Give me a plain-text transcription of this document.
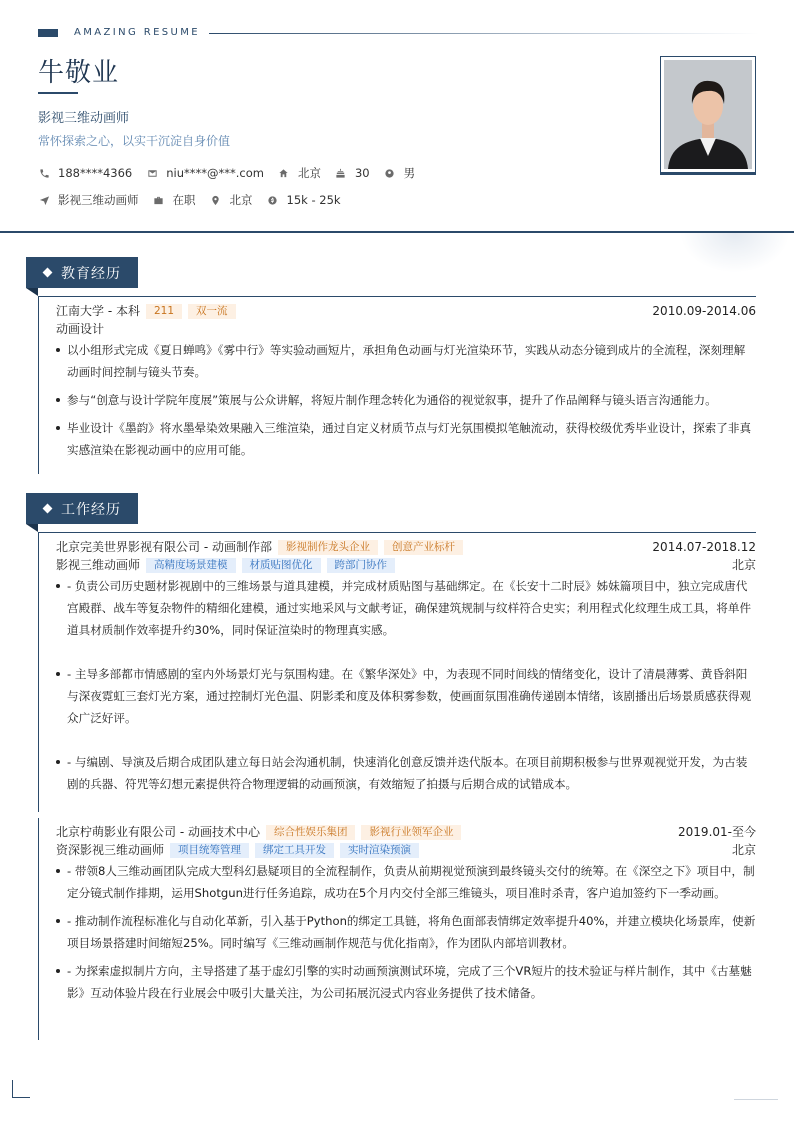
AMAZING RESUME
牛敬业
影视三维动画师
常怀探索之心，以实干沉淀自身价值
188****4366	niu****@***.com	北京	30	男
影视三维动画师	在职	北京	15k - 25k
教育经历
江南大学 - 本科	211	双一流	2010.09-2014.06
动画设计
以小组形式完成《夏日蝉鸣》《雾中行》等实验动画短片，承担角色动画与灯光渲染环节，实践从动态分镜到成片的全流程，深刻理解动画时间控制与镜头节奏。
参与“创意与设计学院年度展”策展与公众讲解，将短片制作理念转化为通俗的视觉叙事，提升了作品阐释与镜头语言沟通能力。
毕业设计《墨韵》将水墨晕染效果融入三维渲染，通过自定义材质节点与灯光氛围模拟笔触流动，获得校级优秀毕业设计，探索了非真实感渲染在影视动画中的应用可能。
工作经历
北京完美世界影视有限公司 - 动画制作部	影视制作龙头企业	创意产业标杆	2014.07-2018.12
影视三维动画师	高精度场景建模	材质贴图优化	跨部门协作	北京
- 负责公司历史题材影视剧中的三维场景与道具建模，并完成材质贴图与基础绑定。在《长安十二时辰》姊妹篇项目中，独立完成唐代宫殿群、战车等复杂物件的精细化建模，通过实地采风与文献考证，确保建筑规制与纹样符合史实；利用程式化纹理生成工具，将单件道具材质制作效率提升约30%，同时保证渲染时的物理真实感。
- 主导多部都市情感剧的室内外场景灯光与氛围构建。在《繁华深处》中，为表现不同时间线的情绪变化，设计了清晨薄雾、黄昏斜阳与深夜霓虹三套灯光方案，通过控制灯光色温、阴影柔和度及体积雾参数，使画面氛围准确传递剧本情绪，该剧播出后场景质感获得观众广泛好评。
- 与编剧、导演及后期合成团队建立每日站会沟通机制，快速消化创意反馈并迭代版本。在项目前期积极参与世界观视觉开发，为古装剧的兵器、符咒等幻想元素提供符合物理逻辑的动画预演，有效缩短了拍摄与后期合成的试错成本。
北京柠萌影业有限公司 - 动画技术中心	综合性娱乐集团	影视行业领军企业	2019.01-至今
资深影视三维动画师	项目统筹管理	绑定工具开发	实时渲染预演	北京
- 带领8人三维动画团队完成大型科幻悬疑项目的全流程制作，负责从前期视觉预演到最终镜头交付的统筹。在《深空之下》项目中，制定分镜式制作排期，运用Shotgun进行任务追踪，成功在5个月内交付全部三维镜头，项目准时杀青，客户追加签约下一季动画。
- 推动制作流程标准化与自动化革新，引入基于Python的绑定工具链，将角色面部表情绑定效率提升40%，并建立模块化场景库，使新项目场景搭建时间缩短25%。同时编写《三维动画制作规范与优化指南》，作为团队内部培训教材。
- 为探索虚拟制片方向，主导搭建了基于虚幻引擎的实时动画预演测试环境，完成了三个VR短片的技术验证与样片制作，其中《古墓魅影》互动体验片段在行业展会中吸引大量关注，为公司拓展沉浸式内容业务提供了技术储备。
